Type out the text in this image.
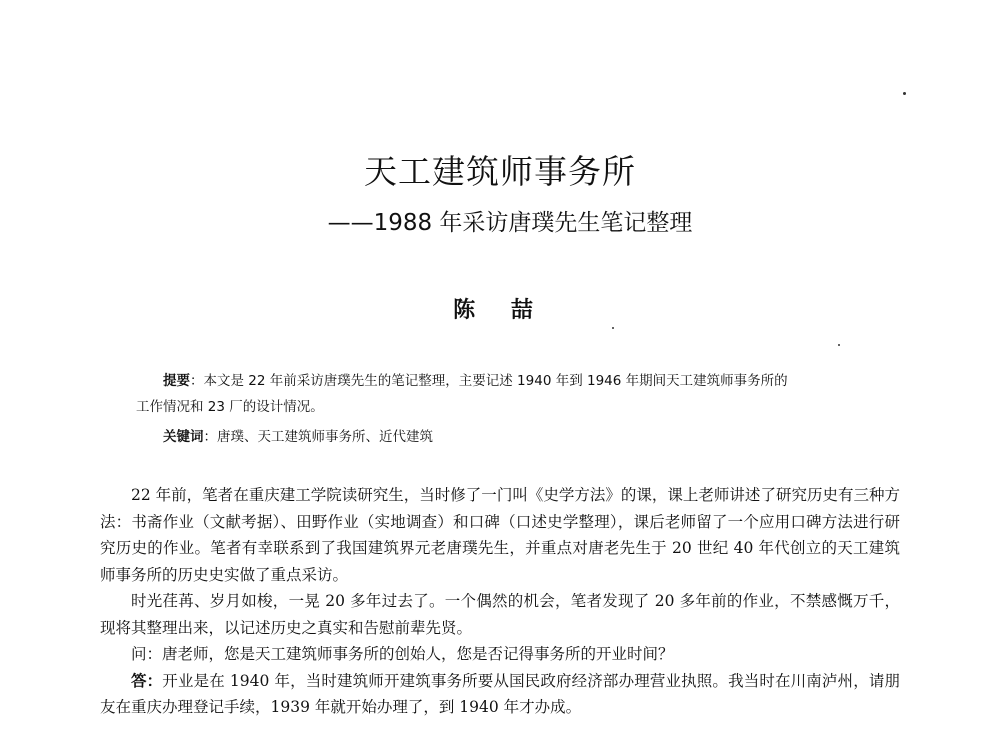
天工建筑师事务所
——1988 年采访唐璞先生笔记整理
陈 喆
提要：本文是 22 年前采访唐璞先生的笔记整理，主要记述 1940 年到 1946 年期间天工建筑师事务所的
工作情况和 23 厂的设计情况。
关键词：唐璞、天工建筑师事务所、近代建筑

22 年前，笔者在重庆建工学院读研究生，当时修了一门叫《史学方法》的课，课上老师讲述了研究历史有三种方法：书斋作业（文献考据）、田野作业（实地调查）和口碑（口述史学整理），课后老师留了一个应用口碑方法进行研究历史的作业。笔者有幸联系到了我国建筑界元老唐璞先生，并重点对唐老先生于 20 世纪 40 年代创立的天工建筑师事务所的历史史实做了重点采访。

时光荏苒、岁月如梭，一晃 20 多年过去了。一个偶然的机会，笔者发现了 20 多年前的作业，不禁感慨万千，现将其整理出来，以记述历史之真实和告慰前辈先贤。

问：唐老师，您是天工建筑师事务所的创始人，您是否记得事务所的开业时间？

答：开业是在 1940 年，当时建筑师开建筑事务所要从国民政府经济部办理营业执照。我当时在川南泸州，请朋友在重庆办理登记手续，1939 年就开始办理了，到 1940 年才办成。
